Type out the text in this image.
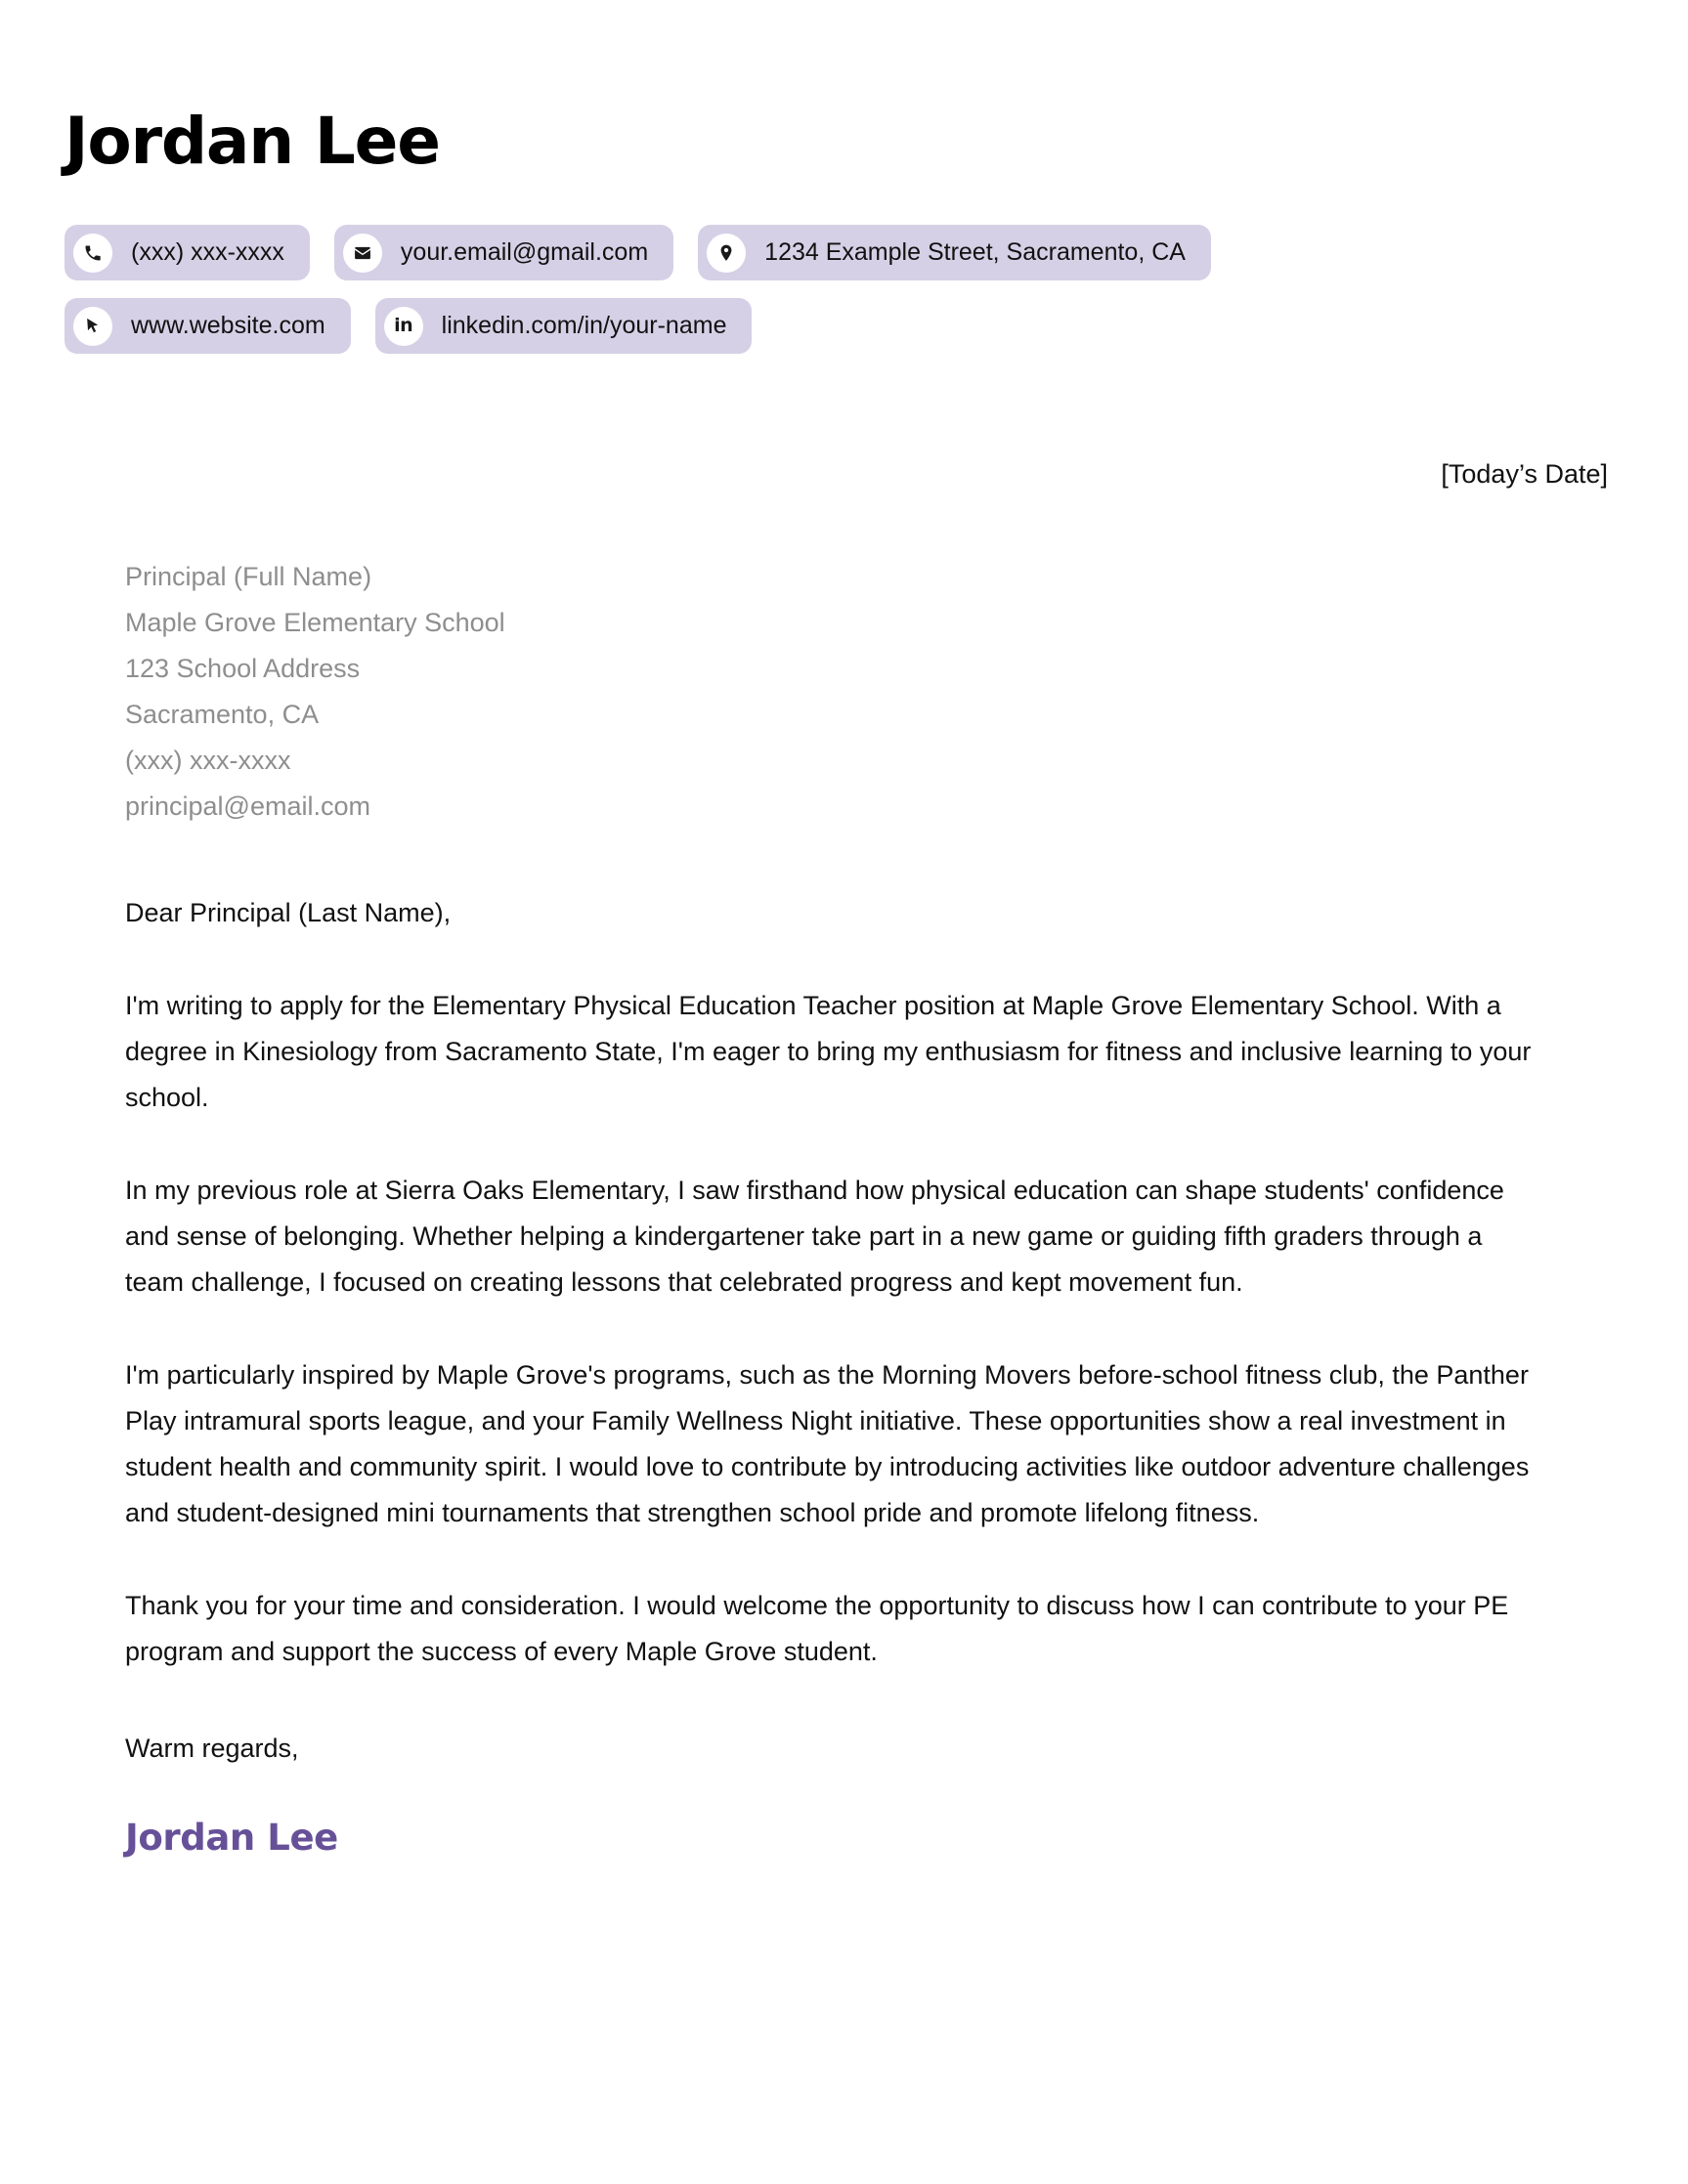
Jordan Lee
(xxx) xxx-xxxx	your.email@gmail.com	1234 Example Street, Sacramento, CA
www.website.com	in linkedin.com/in/your-name
[Today’s Date]
Principal (Full Name)
Maple Grove Elementary School
123 School Address
Sacramento, CA
(xxx) xxx-xxxx
principal@email.com
Dear Principal (Last Name),

I'm writing to apply for the Elementary Physical Education Teacher position at Maple Grove Elementary School. With a degree in Kinesiology from Sacramento State, I'm eager to bring my enthusiasm for fitness and inclusive learning to your school.

In my previous role at Sierra Oaks Elementary, I saw firsthand how physical education can shape students' confidence and sense of belonging. Whether helping a kindergartener take part in a new game or guiding fifth graders through a team challenge, I focused on creating lessons that celebrated progress and kept movement fun.

I'm particularly inspired by Maple Grove's programs, such as the Morning Movers before-school fitness club, the Panther Play intramural sports league, and your Family Wellness Night initiative. These opportunities show a real investment in student health and community spirit. I would love to contribute by introducing activities like outdoor adventure challenges and student-designed mini tournaments that strengthen school pride and promote lifelong fitness.

Thank you for your time and consideration. I would welcome the opportunity to discuss how I can contribute to your PE program and support the success of every Maple Grove student.

Warm regards,
Jordan Lee
